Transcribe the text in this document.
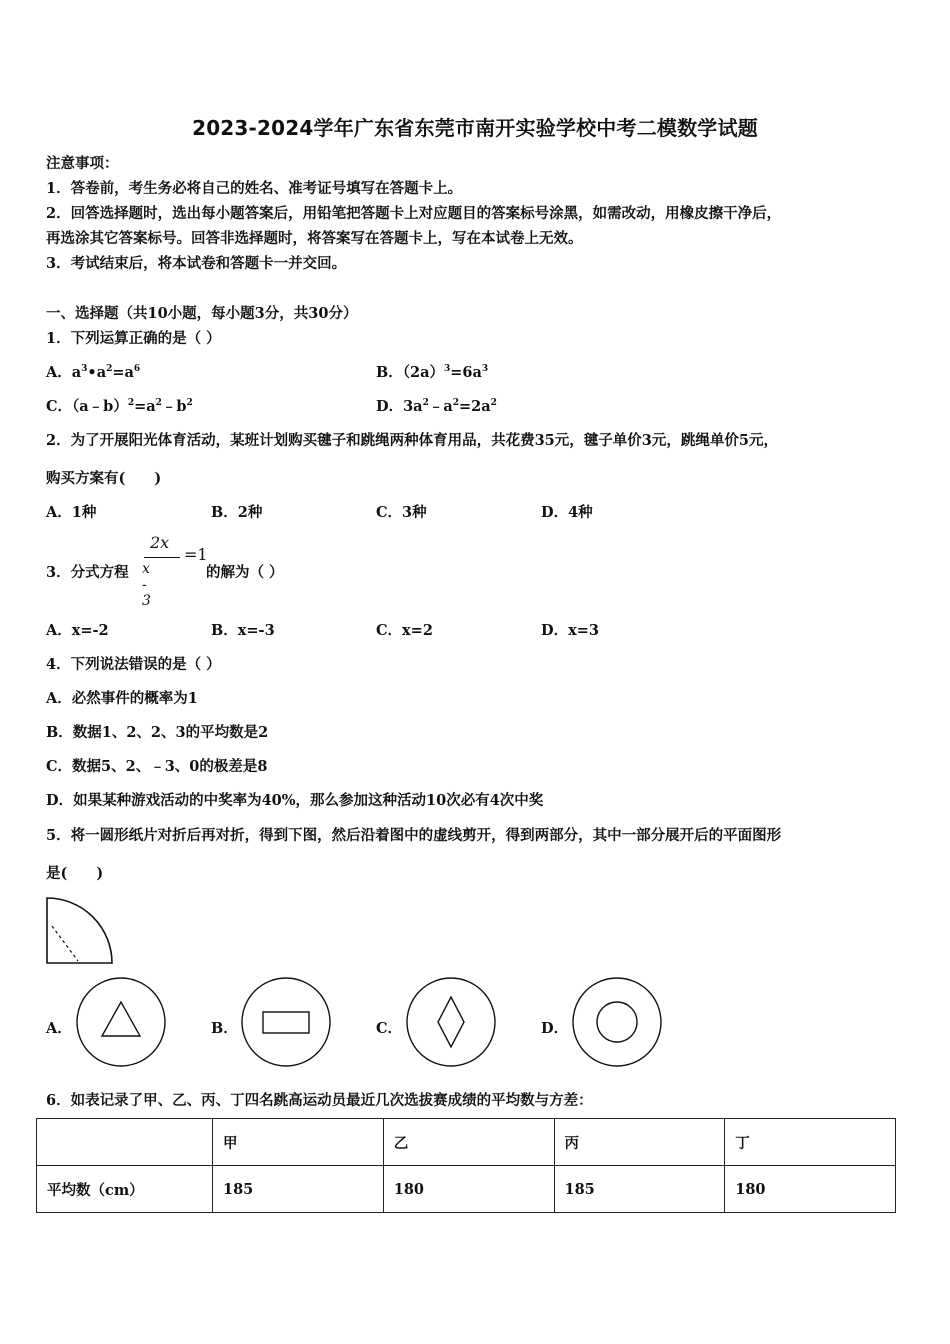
2023-2024学年广东省东莞市南开实验学校中考二模数学试题
注意事项：
1．答卷前，考生务必将自己的姓名、准考证号填写在答题卡上。
2．回答选择题时，选出每小题答案后，用铅笔把答题卡上对应题目的答案标号涂黑，如需改动，用橡皮擦干净后，
再选涂其它答案标号。回答非选择题时，将答案写在答题卡上，写在本试卷上无效。
3．考试结束后，将本试卷和答题卡一并交回。
一、选择题（共10小题，每小题3分，共30分）
1．下列运算正确的是（ ）
A．$a^3•a^2=a^6$	B．$(2a)^3=6a^3$
C．$(a﹣b)^2=a^2﹣b^2$	D．$3a^2﹣a^2=2a^2$
2．为了开展阳光体育活动，某班计划购买毽子和跳绳两种体育用品，共花费35元，毽子单价3元，跳绳单价5元，
购买方案有(　　)
A．1种	B．2种	C．3种	D．4种
3．分式方程
2x
x - 3
=1
的解为（ ）
A．x=-2	B．x=-3	C．x=2	D．x=3
4．下列说法错误的是（ ）
A．必然事件的概率为1
B．数据1、2、2、3的平均数是2
C．数据5、2、﹣3、0的极差是8
D．如果某种游戏活动的中奖率为40%，那么参加这种活动10次必有4次中奖
5．将一圆形纸片对折后再对折，得到下图，然后沿着图中的虚线剪开，得到两部分，其中一部分展开后的平面图形
是(　　)
A．	B．	C．	D．
6．如表记录了甲、乙、丙、丁四名跳高运动员最近几次选拔赛成绩的平均数与方差：
	甲	乙	丙	丁
平均数（cm）	185	180	185	180
